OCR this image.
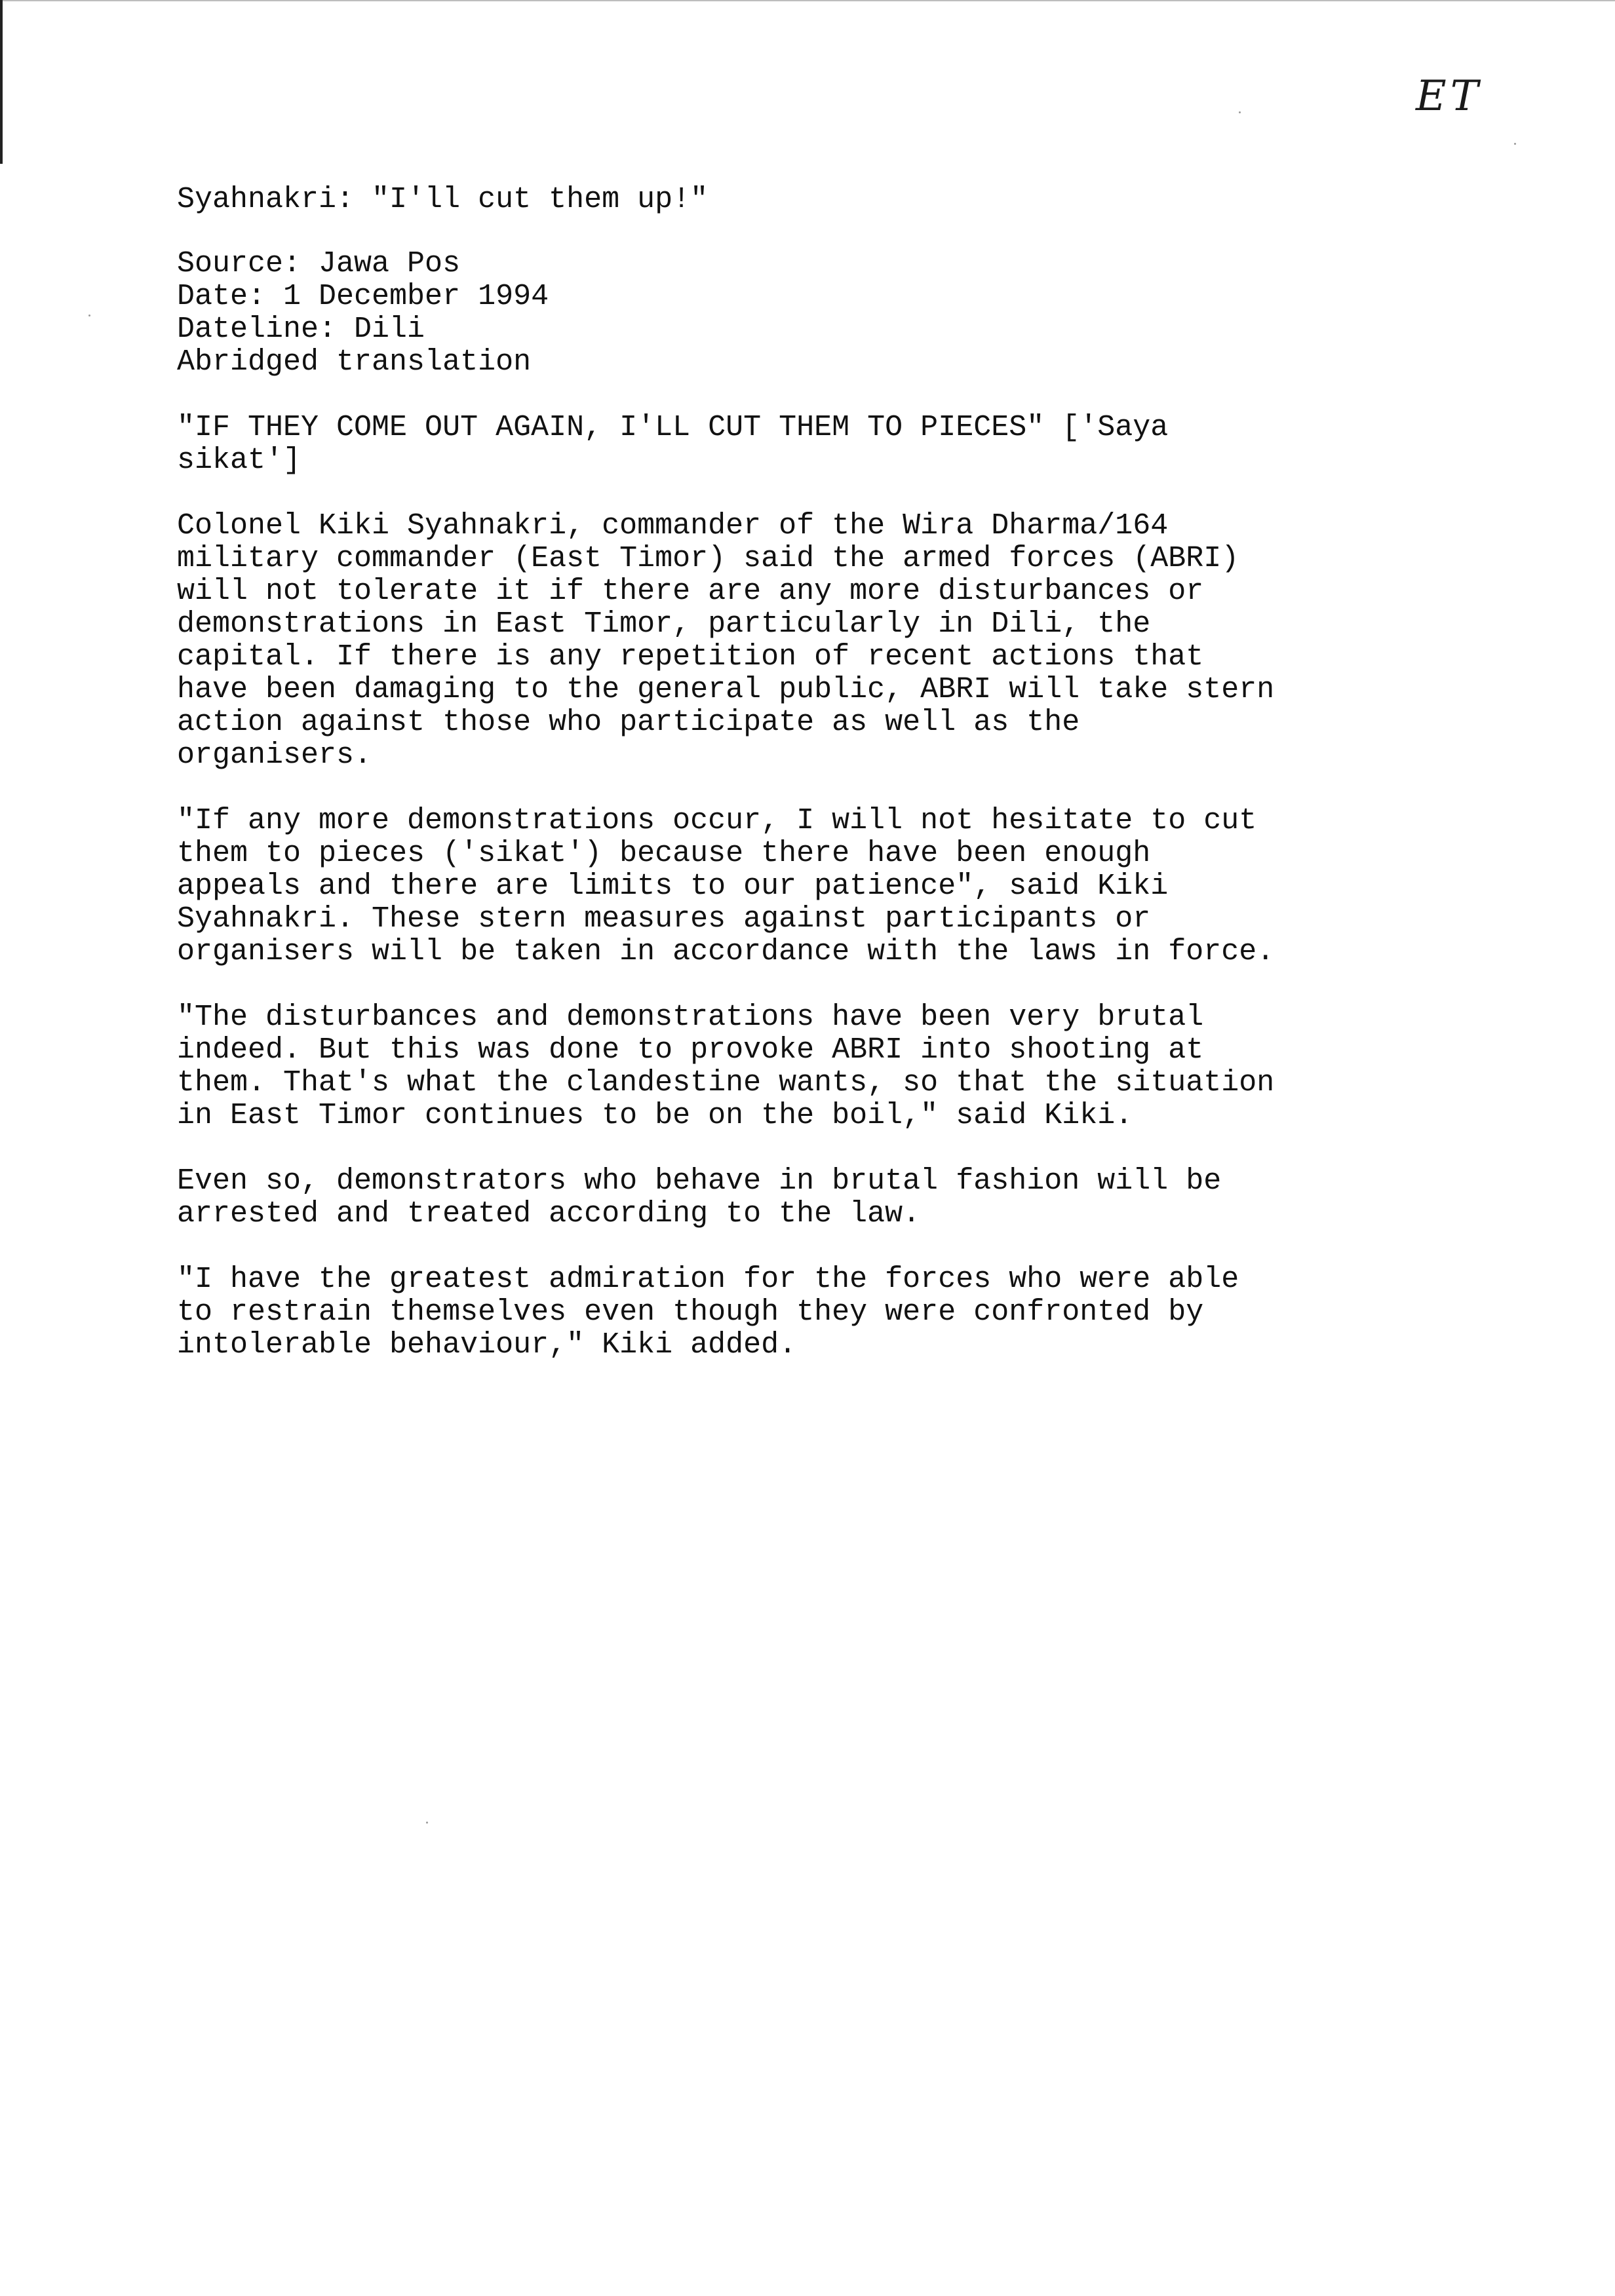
ET
Syahnakri: "I'll cut them up!"
Source: Jawa Pos
Date: 1 December 1994
Dateline: Dili
Abridged translation
"IF THEY COME OUT AGAIN, I'LL CUT THEM TO PIECES" ['Saya
sikat']
Colonel Kiki Syahnakri, commander of the Wira Dharma/164
military commander (East Timor) said the armed forces (ABRI)
will not tolerate it if there are any more disturbances or
demonstrations in East Timor, particularly in Dili, the
capital. If there is any repetition of recent actions that
have been damaging to the general public, ABRI will take stern
action against those who participate as well as the
organisers.
"If any more demonstrations occur, I will not hesitate to cut
them to pieces ('sikat') because there have been enough
appeals and there are limits to our patience", said Kiki
Syahnakri. These stern measures against participants or
organisers will be taken in accordance with the laws in force.
"The disturbances and demonstrations have been very brutal
indeed. But this was done to provoke ABRI into shooting at
them. That's what the clandestine wants, so that the situation
in East Timor continues to be on the boil," said Kiki.
Even so, demonstrators who behave in brutal fashion will be
arrested and treated according to the law.
"I have the greatest admiration for the forces who were able
to restrain themselves even though they were confronted by
intolerable behaviour," Kiki added.
